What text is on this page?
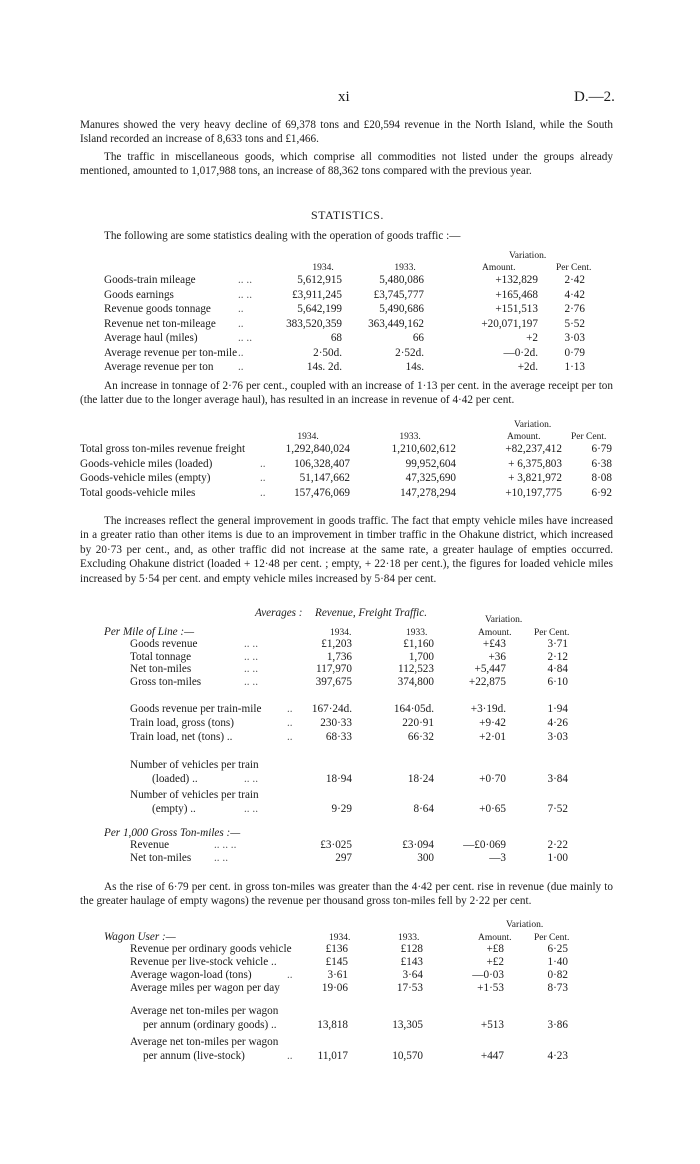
xi	D.—2.
Manures showed the very heavy decline of 69,378 tons and £20,594 revenue in the North Island, while the South Island recorded an increase of 8,633 tons and £1,466.
The traffic in miscellaneous goods, which comprise all commodities not listed under the groups already mentioned, amounted to 1,017,988 tons, an increase of 88,362 tons compared with the previous year.
STATISTICS.
The following are some statistics dealing with the operation of goods traffic :—
Variation.
1934.	1933.	Amount.	Per Cent.
Goods-train mileage	.. ..	5,612,915	5,480,086	+132,829	2·42
Goods earnings	.. ..	£3,911,245	£3,745,777	+165,468	4·42
Revenue goods tonnage ..	5,642,199	5,490,686	+151,513	2·76
Revenue net ton-mileage ..	383,520,359 363,449,162	+20,071,197	5·52
Average haul (miles)	.. ..	68	66	+2	3·03
Average revenue per ton-mile ..	2·50d.	2·52d.	—0·2d.	0·79
Average revenue per ton ..	14s. 2d.	14s.	+2d.	1·13
An increase in tonnage of 2·76 per cent., coupled with an increase of 1·13 per cent. in the average receipt per ton (the latter due to the longer average haul), has resulted in an increase in revenue of 4·42 per cent.
Variation.
1934.	1933.	Amount.	Per Cent.
Total gross ton-miles revenue freight	1,292,840,024	1,210,602,612	+82,237,412	6·79
Goods-vehicle miles (loaded)	..	106,328,407	99,952,604	+ 6,375,803	6·38
Goods-vehicle miles (empty)	..	51,147,662	47,325,690	+ 3,821,972	8·08
Total goods-vehicle miles	..	157,476,069	147,278,294	+10,197,775	6·92
The increases reflect the general improvement in goods traffic. The fact that empty vehicle miles have increased in a greater ratio than other items is due to an improvement in timber traffic in the Ohakune district, which increased by 20·73 per cent., and, as other traffic did not increase at the same rate, a greater haulage of empties occurred. Excluding Ohakune district (loaded + 12·48 per cent. ; empty, + 22·18 per cent.), the figures for loaded vehicle miles increased by 5·54 per cent. and empty vehicle miles increased by 5·84 per cent.
Averages : Revenue, Freight Traffic.
Variation.
1934.	1933.	Amount. Per Cent.
Per Mile of Line :—
Goods revenue	.. ..	£1,203	£1,160	+£43	3·71
Total tonnage	.. ..	1,736	1,700	+36	2·12
Net ton-miles	.. ..	117,970	112,523	+5,447	4·84
Gross ton-miles	.. ..	397,675	374,800	+22,875	6·10
Goods revenue per train-mile ..	167·24d.	164·05d.	+3·19d.	1·94
Train load, gross (tons)	..	230·33	220·91	+9·42	4·26
Train load, net (tons) ..	..	68·33	66·32	+2·01	3·03
Number of vehicles per train
(loaded) ..	.. ..	18·94	18·24	+0·70	3·84
Number of vehicles per train
(empty) ..	.. ..	9·29	8·64	+0·65	7·52
Per 1,000 Gross Ton-miles :—
Revenue	.. .. ..	£3·025	£3·094	—£0·069	2·22
Net ton-miles .. ..	297	300	—3	1·00
As the rise of 6·79 per cent. in gross ton-miles was greater than the 4·42 per cent. rise in revenue (due mainly to the greater haulage of empty wagons) the revenue per thousand gross ton-miles fell by 2·22 per cent.
Variation.
Wagon User :—	1934.	1933.	Amount. Per Cent.
Revenue per ordinary goods vehicle	£136	£128	+£8	6·25
Revenue per live-stock vehicle ..	£145	£143	+£2	1·40
Average wagon-load (tons)	..	3·61	3·64	—0·03	0·82
Average miles per wagon per day	19·06	17·53	+1·53	8·73
Average net ton-miles per wagon
per annum (ordinary goods) ..	13,818	13,305	+513	3·86
Average net ton-miles per wagon
per annum (live-stock)	..	11,017	10,570	+447	4·23
